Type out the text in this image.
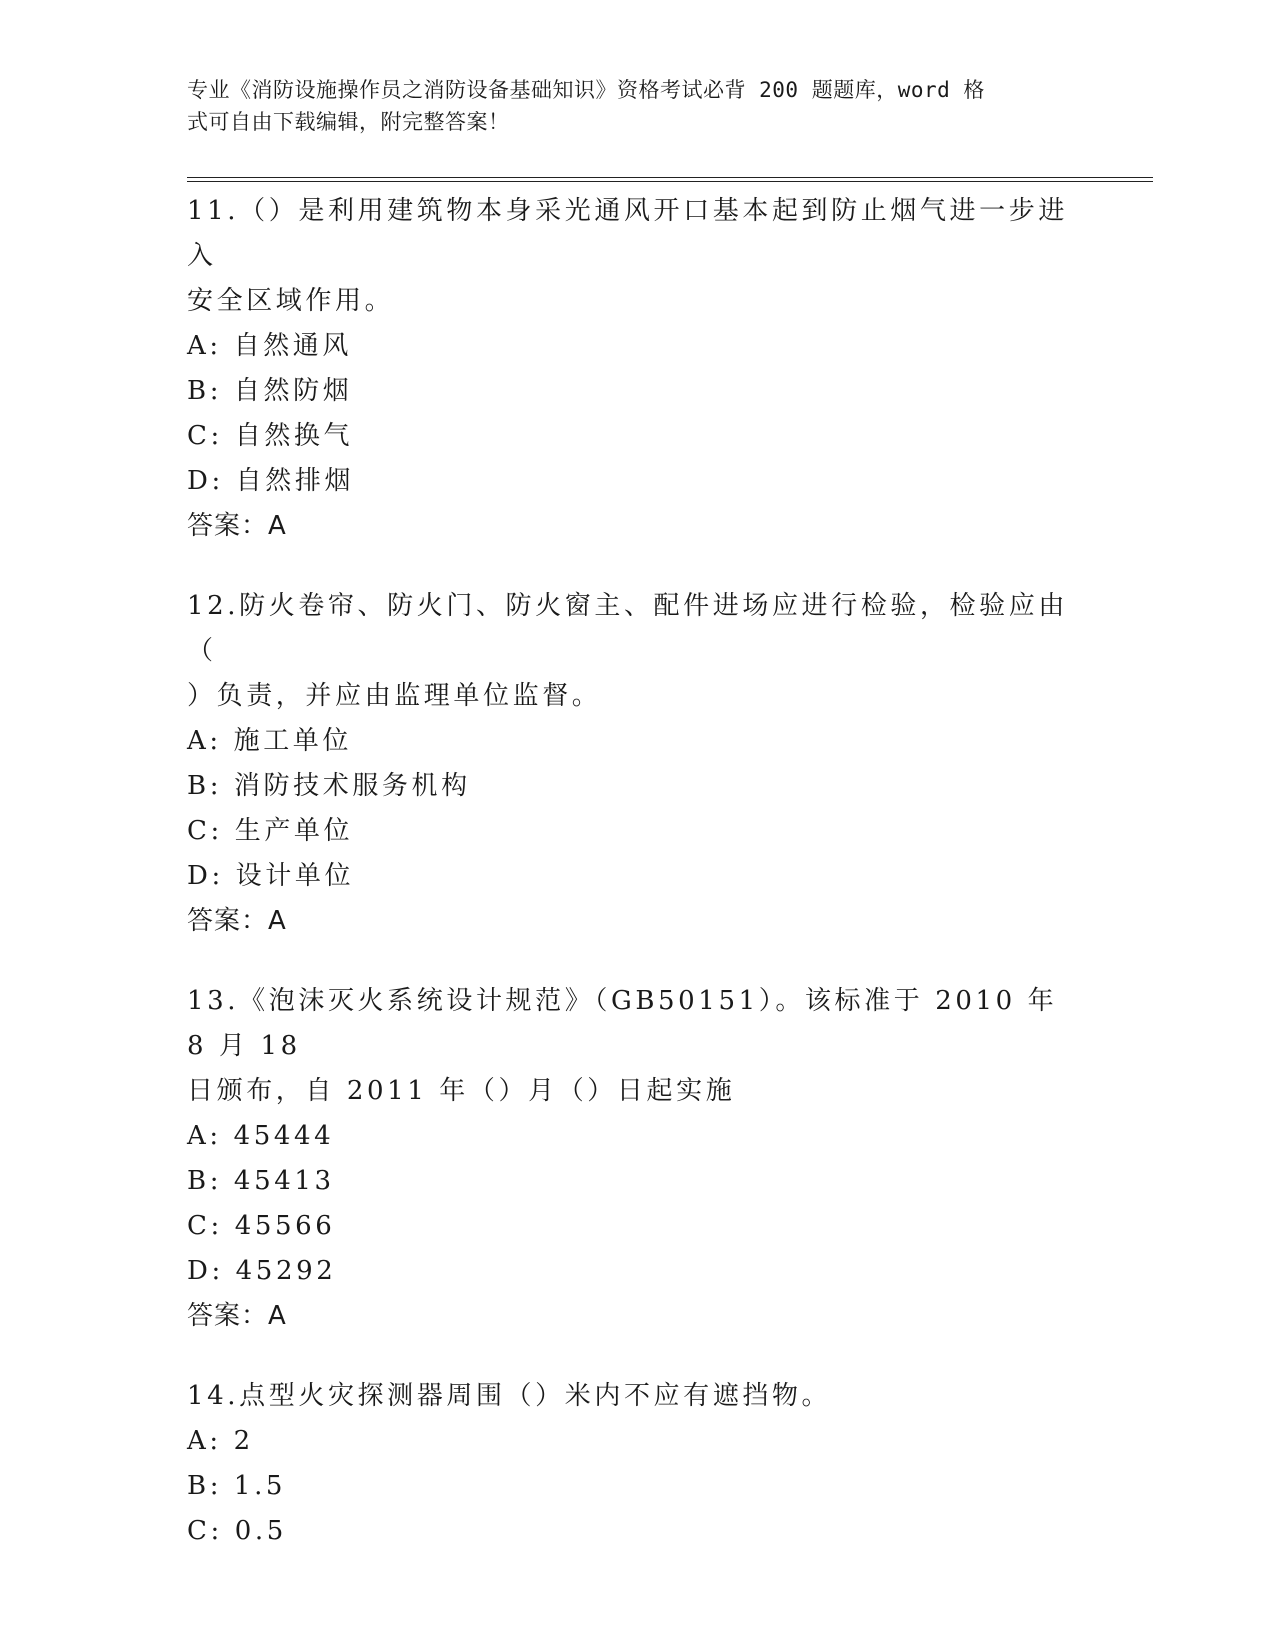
专业《消防设施操作员之消防设备基础知识》资格考试必背 200 题题库，word 格

式可自由下载编辑，附完整答案！

11.（）是利用建筑物本身采光通风开口基本起到防止烟气进一步进入

安全区域作用。

A: 自然通风

B: 自然防烟

C: 自然换气

D: 自然排烟

答案：A

12.防火卷帘、防火门、防火窗主、配件进场应进行检验，检验应由（

）负责，并应由监理单位监督。

A: 施工单位

B: 消防技术服务机构

C: 生产单位

D: 设计单位

答案：A

13.《泡沫灭火系统设计规范》（GB50151）。该标准于 2010 年 8 月 18

日颁布，自 2011 年（）月（）日起实施

A: 45444

B: 45413

C: 45566

D: 45292

答案：A

14.点型火灾探测器周围（）米内不应有遮挡物。

A: 2

B: 1.5

C: 0.5
